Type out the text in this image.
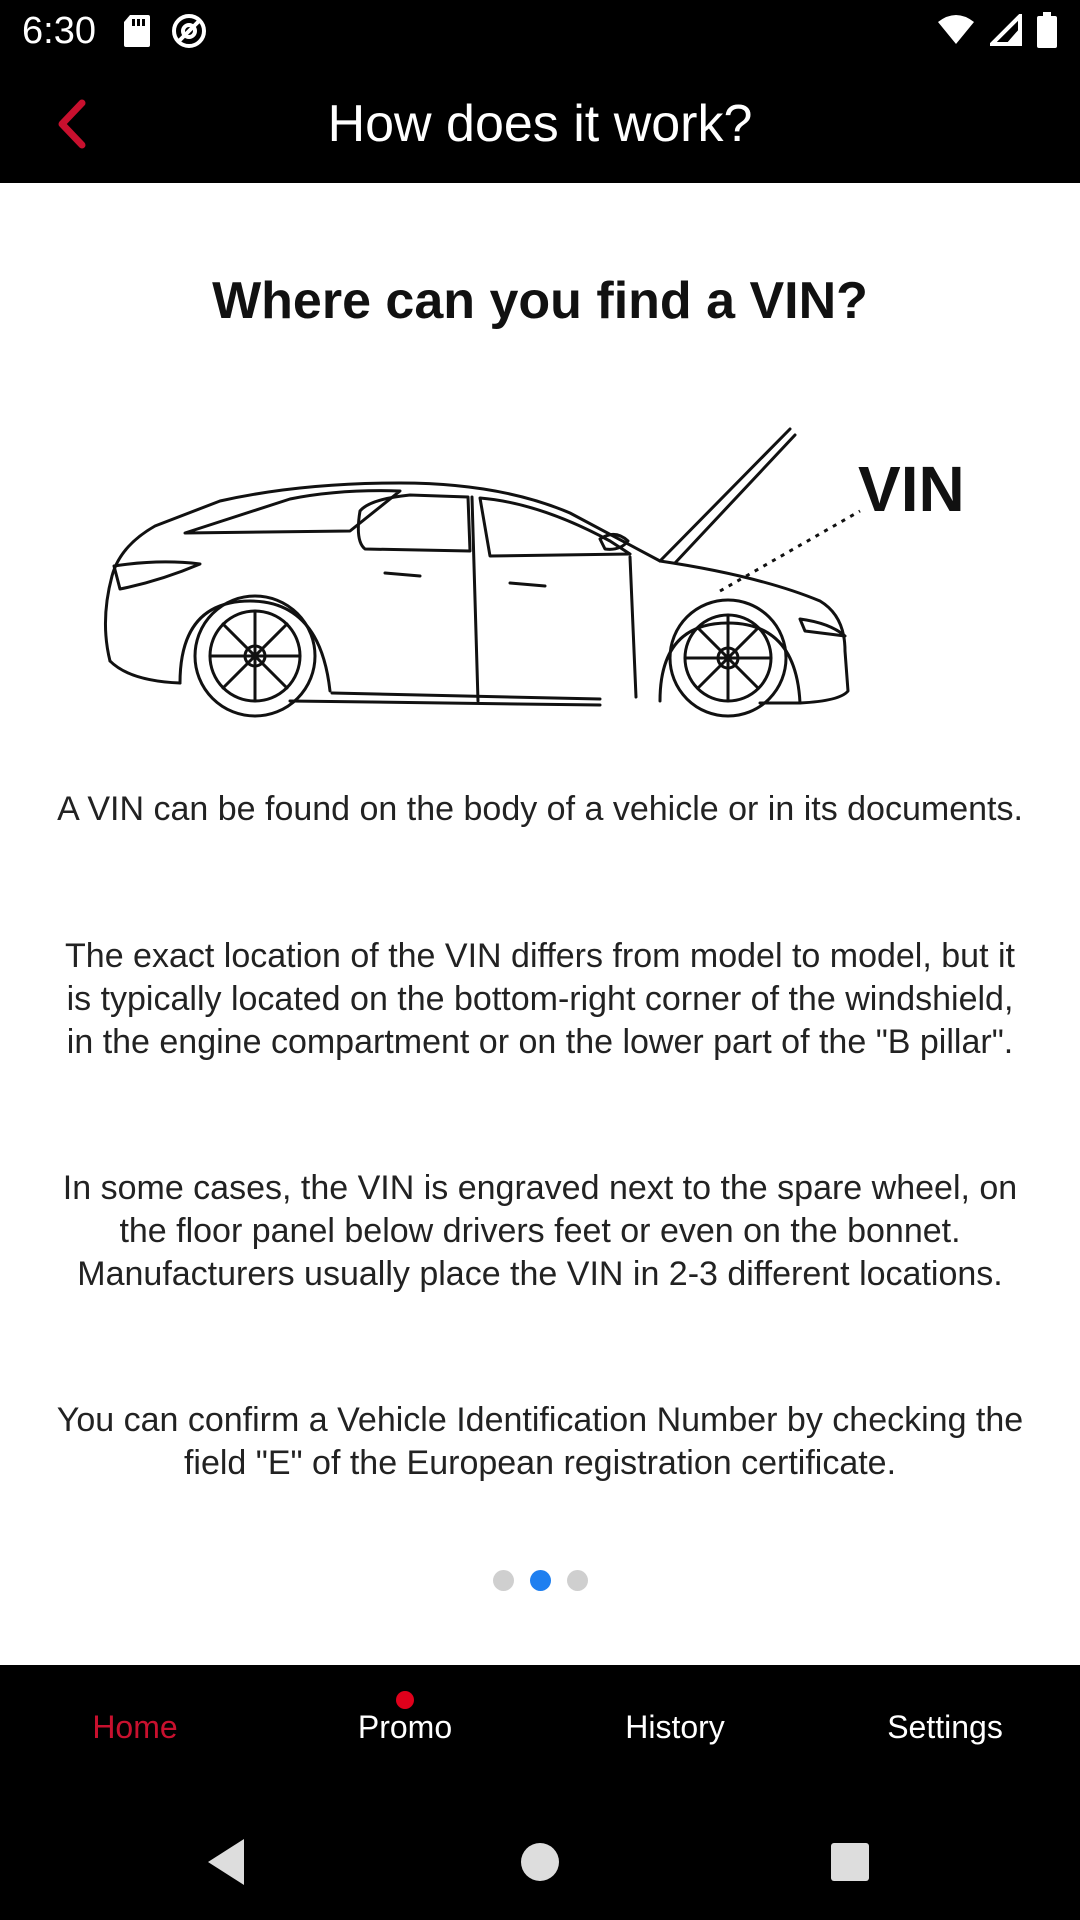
6:30
How does it work?
Where can you find a VIN?
VIN
A VIN can be found on the body of a vehicle or in its documents.
The exact location of the VIN differs from model to model, but it is typically located on the bottom-right corner of the windshield, in the engine compartment or on the lower part of the "B pillar".
In some cases, the VIN is engraved next to the spare wheel, on the floor panel below drivers feet or even on the bonnet. Manufacturers usually place the VIN in 2-3 different locations.
You can confirm a Vehicle Identification Number by checking the field "E" of the European registration certificate.
Home	Promo	History	Settings
